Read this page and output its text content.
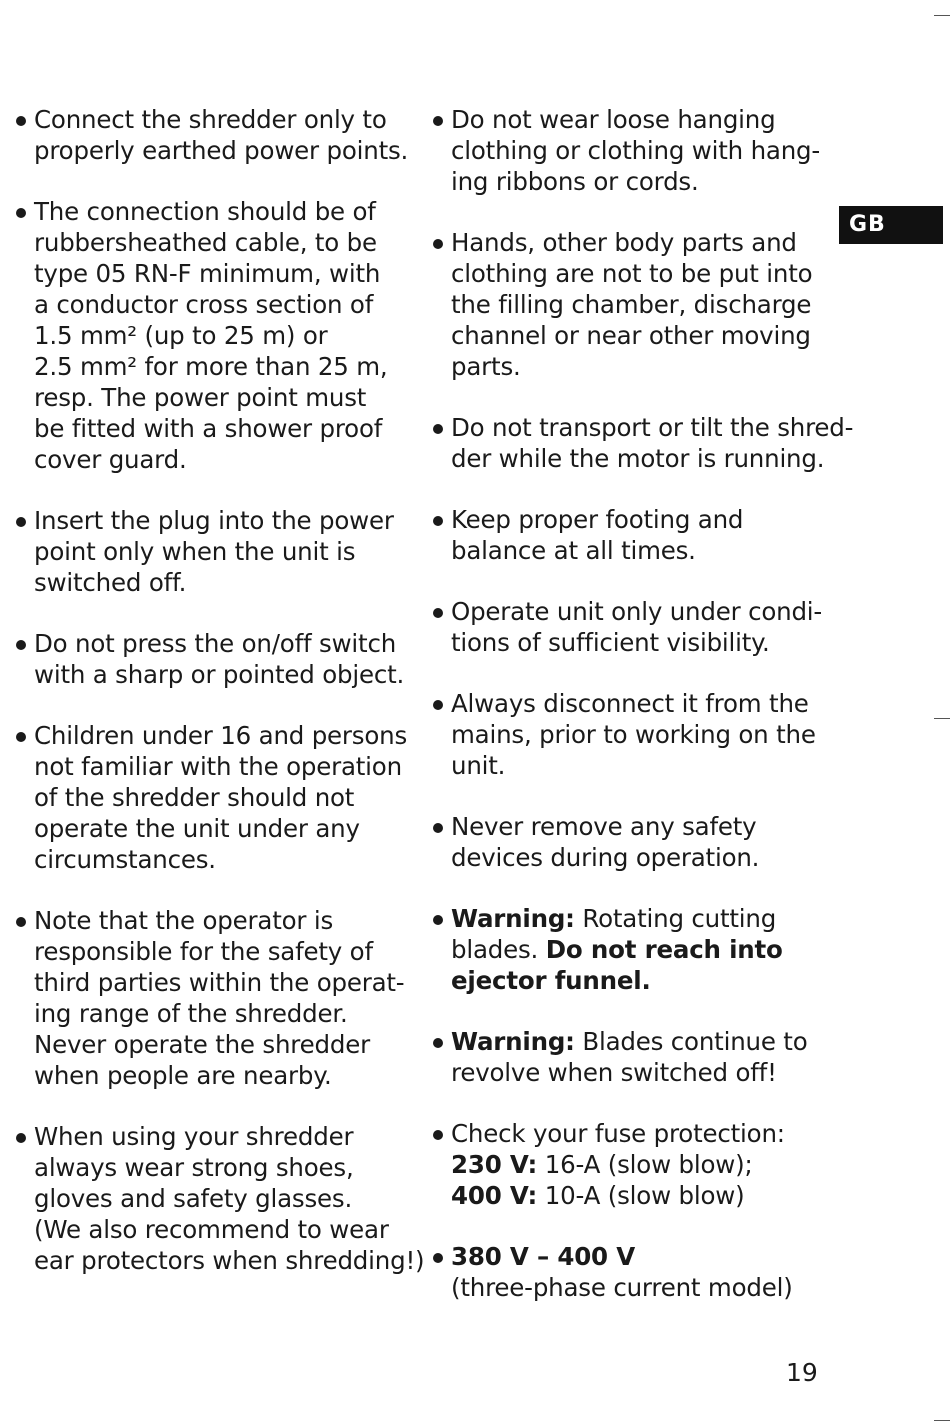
GB
Connect the shredder only to
properly earthed power points.
The connection should be of
rubbersheathed cable, to be
type 05 RN-F minimum, with
a conductor cross section of
1.5 mm² (up to 25 m) or
2.5 mm² for more than 25 m,
resp. The power point must
be fitted with a shower proof
cover guard.
Insert the plug into the power
point only when the unit is
switched off.
Do not press the on/off switch
with a sharp or pointed object.
Children under 16 and persons
not familiar with the operation
of the shredder should not
operate the unit under any
circumstances.
Note that the operator is
responsible for the safety of
third parties within the operat-
ing range of the shredder.
Never operate the shredder
when people are nearby.
When using your shredder
always wear strong shoes,
gloves and safety glasses.
(We also recommend to wear
ear protectors when shredding!)
Do not wear loose hanging
clothing or clothing with hang-
ing ribbons or cords.
Hands, other body parts and
clothing are not to be put into
the filling chamber, discharge
channel or near other moving
parts.
Do not transport or tilt the shred-
der while the motor is running.
Keep proper footing and
balance at all times.
Operate unit only under condi-
tions of sufficient visibility.
Always disconnect it from the
mains, prior to working on the
unit.
Never remove any safety
devices during operation.
Warning: Rotating cutting
blades. Do not reach into
ejector funnel.
Warning: Blades continue to
revolve when switched off!
Check your fuse protection:
230 V: 16-A (slow blow);
400 V: 10-A (slow blow)
380 V – 400 V
(three-phase current model)
19
